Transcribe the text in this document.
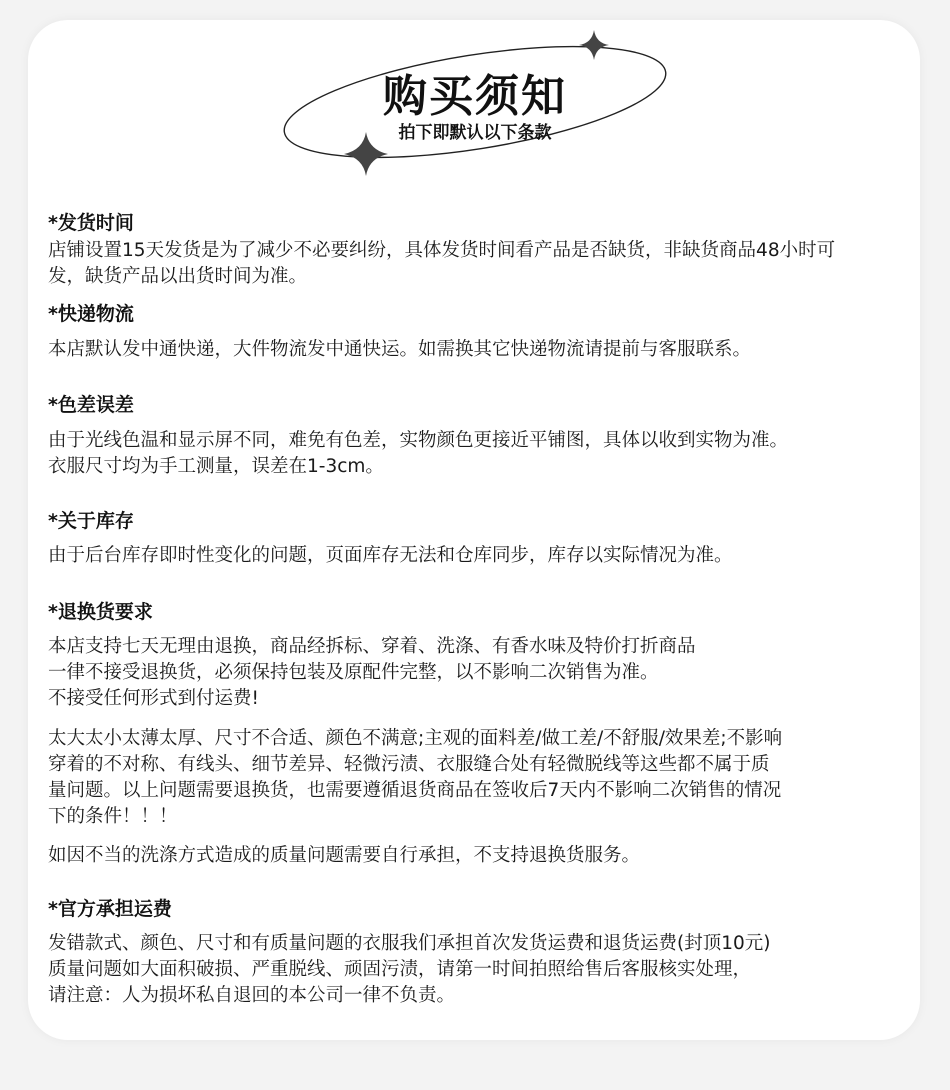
购买须知
拍下即默认以下条款
*发货时间
店铺设置15天发货是为了减少不必要纠纷，具体发货时间看产品是否缺货，非缺货商品48小时可
发，缺货产品以出货时间为准。
*快递物流
本店默认发中通快递，大件物流发中通快运。如需换其它快递物流请提前与客服联系。
*色差误差
由于光线色温和显示屏不同，难免有色差，实物颜色更接近平铺图，具体以收到实物为准。
衣服尺寸均为手工测量，误差在1-3cm。
*关于库存
由于后台库存即时性变化的问题，页面库存无法和仓库同步，库存以实际情况为准。
*退换货要求
本店支持七天无理由退换，商品经拆标、穿着、洗涤、有香水味及特价打折商品
一律不接受退换货，必须保持包装及原配件完整，以不影响二次销售为准。
不接受任何形式到付运费!
太大太小太薄太厚、尺寸不合适、颜色不满意;主观的面料差/做工差/不舒服/效果差;不影响
穿着的不对称、有线头、细节差异、轻微污渍、衣服缝合处有轻微脱线等这些都不属于质
量问题。以上问题需要退换货，也需要遵循退货商品在签收后7天内不影响二次销售的情况
下的条件！！！
如因不当的洗涤方式造成的质量问题需要自行承担，不支持退换货服务。
*官方承担运费
发错款式、颜色、尺寸和有质量问题的衣服我们承担首次发货运费和退货运费(封顶10元)
质量问题如大面积破损、严重脱线、顽固污渍，请第一时间拍照给售后客服核实处理，
请注意：人为损坏私自退回的本公司一律不负责。
